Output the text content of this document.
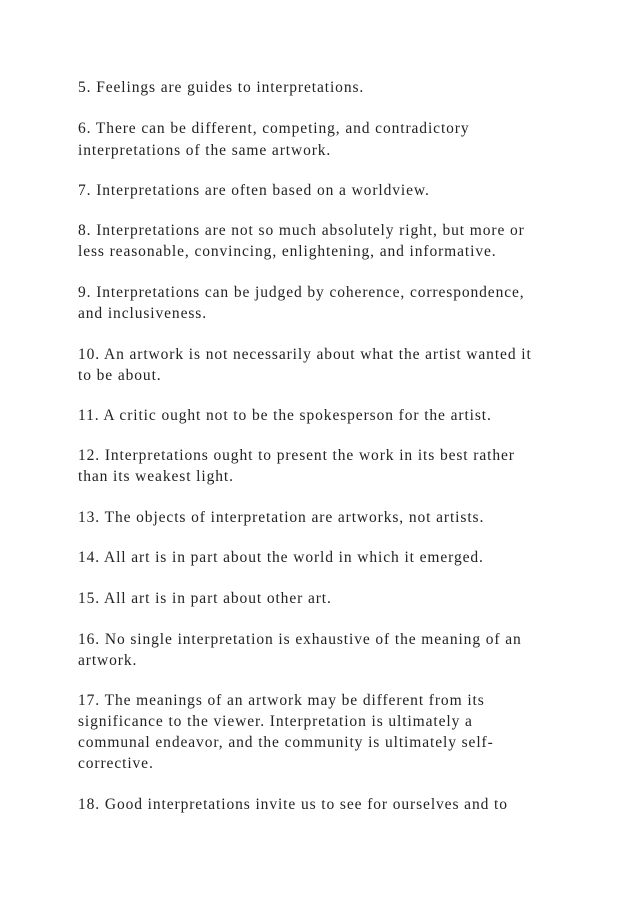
5. Feelings are guides to interpretations.

6. There can be different, competing, and contradictory

interpretations of the same artwork.

7. Interpretations are often based on a worldview.

8. Interpretations are not so much absolutely right, but more or

less reasonable, convincing, enlightening, and informative.

9. Interpretations can be judged by coherence, correspondence,

and inclusiveness.

10. An artwork is not necessarily about what the artist wanted it

to be about.

11. A critic ought not to be the spokesperson for the artist.

12. Interpretations ought to present the work in its best rather

than its weakest light.

13. The objects of interpretation are artworks, not artists.

14. All art is in part about the world in which it emerged.

15. All art is in part about other art.

16. No single interpretation is exhaustive of the meaning of an

artwork.

17. The meanings of an artwork may be different from its

significance to the viewer. Interpretation is ultimately a

communal endeavor, and the community is ultimately self-

corrective.

18. Good interpretations invite us to see for ourselves and to
